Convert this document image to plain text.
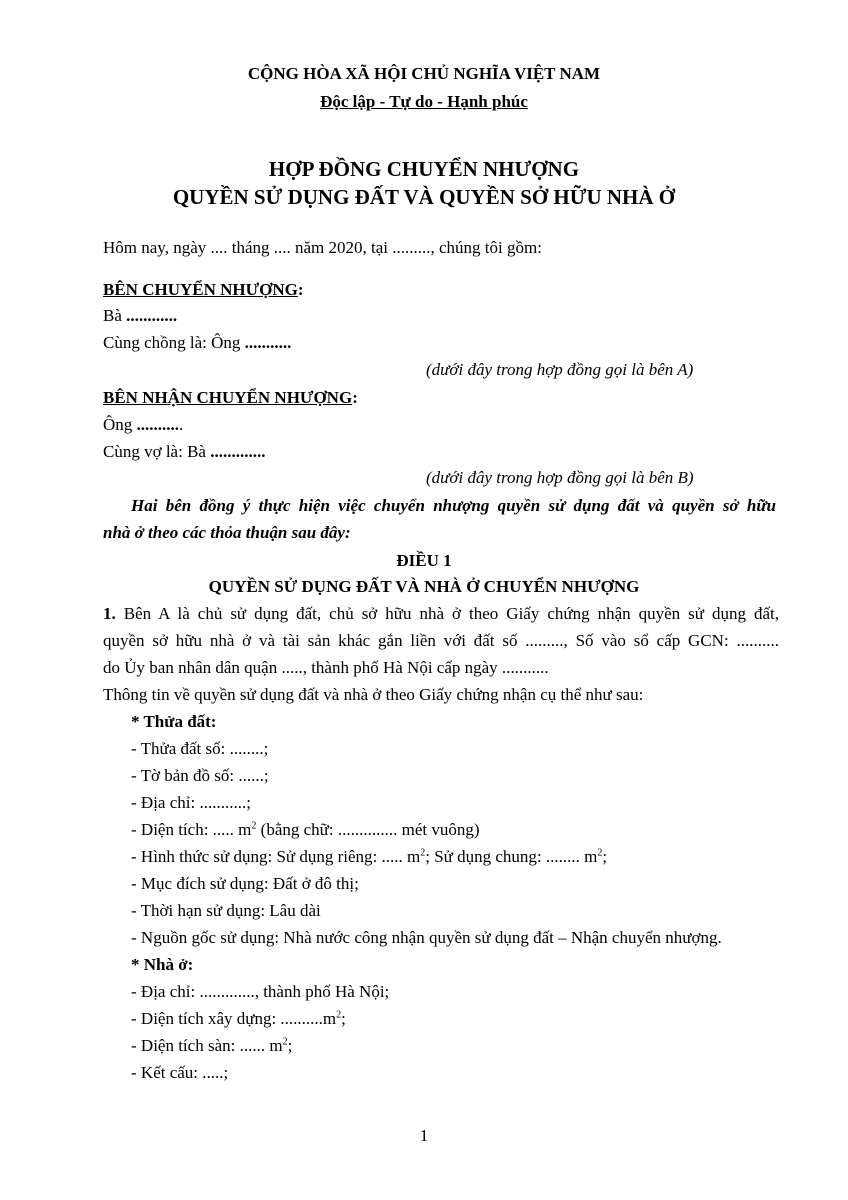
CỘNG HÒA XÃ HỘI CHỦ NGHĨA VIỆT NAM
Độc lập - Tự do - Hạnh phúc
HỢP ĐỒNG CHUYỂN NHƯỢNG
QUYỀN SỬ DỤNG ĐẤT VÀ QUYỀN SỞ HỮU NHÀ Ở
Hôm nay, ngày .... tháng .... năm 2020, tại ........., chúng tôi gồm:
BÊN CHUYỂN NHƯỢNG:
Bà ............
Cùng chồng là: Ông ...........
(dưới đây trong hợp đồng gọi là bên A)
BÊN NHẬN CHUYỂN NHƯỢNG:
Ông ...........
Cùng vợ là: Bà .............
(dưới đây trong hợp đồng gọi là bên B)
Hai bên đồng ý thực hiện việc chuyển nhượng quyền sử dụng đất và quyền sở hữu
nhà ở theo các thỏa thuận sau đây:
ĐIỀU 1
QUYỀN SỬ DỤNG ĐẤT VÀ NHÀ Ở CHUYỂN NHƯỢNG
1. Bên A là chủ sử dụng đất, chủ sở hữu nhà ở theo Giấy chứng nhận quyền sử dụng đất,
quyền sở hữu nhà ở và tài sản khác gắn liền với đất số ........., Số vào sổ cấp GCN: ..........
do Ủy ban nhân dân quận ....., thành phố Hà Nội cấp ngày ...........
Thông tin về quyền sử dụng đất và nhà ở theo Giấy chứng nhận cụ thể như sau:
* Thửa đất:
- Thửa đất số: ........;
- Tờ bản đồ số: ......;
- Địa chỉ: ...........;
- Diện tích: ..... $m^2$ (bằng chữ: .............. mét vuông)
- Hình thức sử dụng: Sử dụng riêng: ..... $m^2$; Sử dụng chung: ........ $m^2$;
- Mục đích sử dụng: Đất ở đô thị;
- Thời hạn sử dụng: Lâu dài
- Nguồn gốc sử dụng: Nhà nước công nhận quyền sử dụng đất – Nhận chuyển nhượng.
* Nhà ở:
- Địa chỉ: ............., thành phố Hà Nội;
- Diện tích xây dựng: $..........m^2$;
- Diện tích sàn: ...... $m^2$;
- Kết cấu: .....;
1
